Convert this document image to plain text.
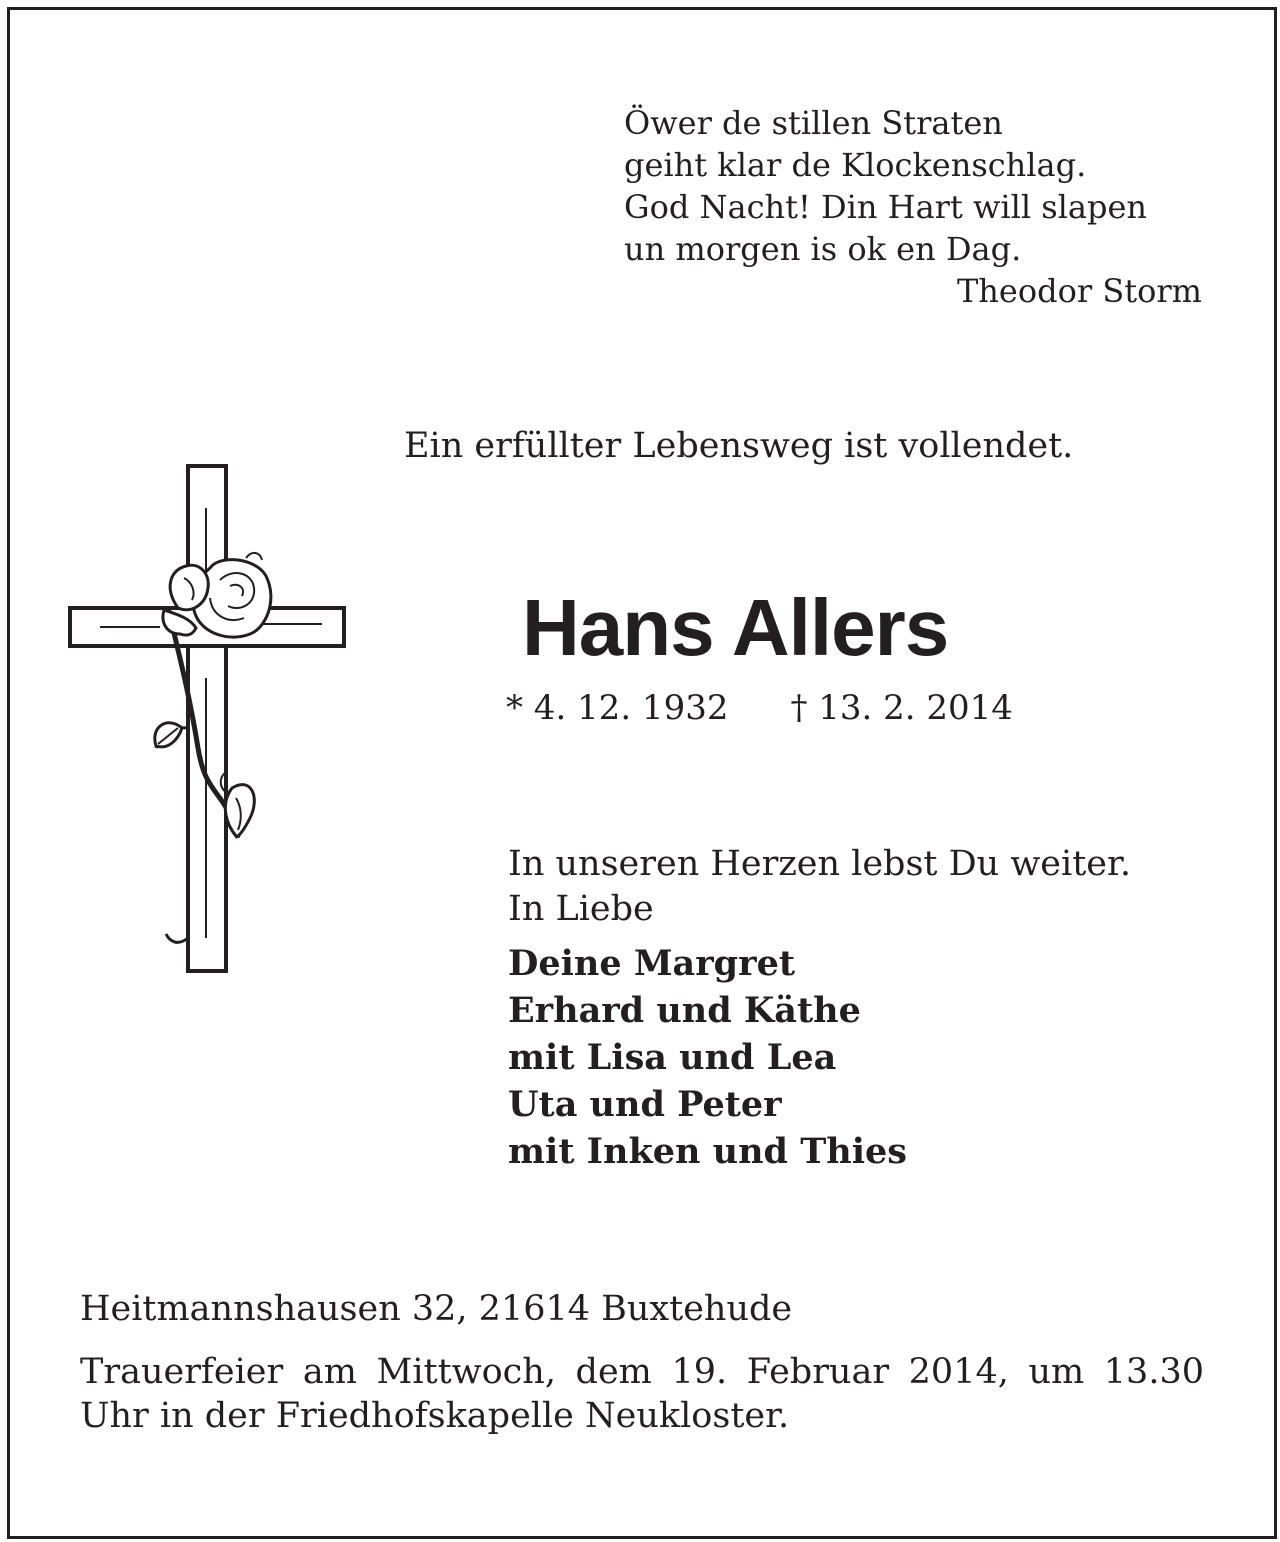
Öwer de stillen Straten
geiht klar de Klockenschlag.
God Nacht! Din Hart will slapen
un morgen is ok en Dag.
Theodor Storm
Ein erfüllter Lebensweg ist vollendet.
Hans Allers
* 4. 12. 1932 † 13. 2. 2014
In unseren Herzen lebst Du weiter.
In Liebe
Deine Margret
Erhard und Käthe
mit Lisa und Lea
Uta und Peter
mit Inken und Thies
Heitmannshausen 32, 21614 Buxtehude
Trauerfeier am Mittwoch, dem 19. Februar 2014, um 13.30 Uhr in der Friedhofskapelle Neukloster.
